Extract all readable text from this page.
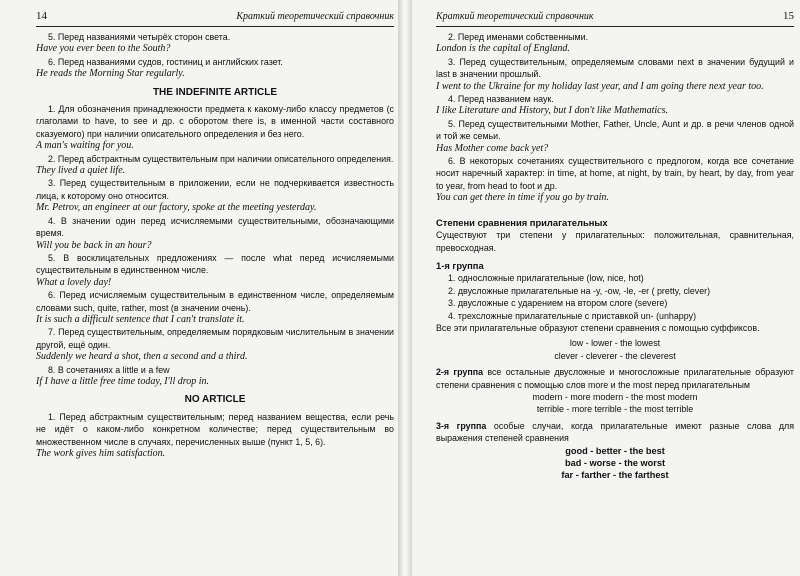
14	Краткий теоретический справочник

5. Перед названиями четырёх сторон света.

Have you ever been to the South?

6. Перед названиями судов, гостиниц и английских газет.

He reads the Morning Star regularly.

THE INDEFINITE ARTICLE

1. Для обозначения принадлежности предмета к какому-либо классу предметов (с глаголами to have, to see и др. с оборотом there is, в именной части составного сказуемого) при наличии описательного определения и без него.

A man's waiting for you.

2. Перед абстрактным существительным при наличии описательного определения.

They lived a quiet life.

3. Перед существительным в приложении, если не подчеркивается известность лица, к которому оно относится.

Mr. Petrov, an engineer at our factory, spoke at the meeting yesterday.

4. В значении один перед исчисляемыми существительными, обозначающими время.

Will you be back in an hour?

5. В восклицательных предложениях — после what перед исчисляемыми существительным в единственном числе.

What a lovely day!

6. Перед исчисляемым существительным в единственном числе, определяемым словами such, quite, rather, most (в значении очень).

It is such a difficult sentence that I can't translate it.

7. Перед существительным, определяемым порядковым числительным в значении другой, ещё один.

Suddenly we heard a shot, then a second and a third.

8. В сочетаниях a little и a few

If I have a little free time today, I'll drop in.

NO ARTICLE

1. Перед абстрактным существительным; перед названием вещества, если речь не идёт о каком-либо конкретном количестве; перед существительным во множественном числе в случаях, перечисленных выше (пункт 1, 5, 6).

The work gives him satisfaction.

Краткий теоретический справочник	15

2. Перед именами собственными.

London is the capital of England.

3. Перед существительным, определяемым словами next в значении будущий и last в значении прошлый.

I went to the Ukraine for my holiday last year, and I am going there next year too.

4. Перед названием наук.

I like Literature and History, but I don't like Mathematics.

5. Перед существительными Mother, Father, Uncle, Aunt и др. в речи членов одной и той же семьи.

Has Mother come back yet?

6. В некоторых сочетаниях существительного с предлогом, когда все сочетание носит наречный характер: in time, at home, at night, by train, by heart, by day, from year to year, from head to foot и др.

You can get there in time if you go by train.

Степени сравнения прилагательных

Существуют три степени у прилагательных: положительная, сравнительная, превосходная.

1-я группа

1. односложные прилагательные (low, nice, hot)

2. двусложные прилагательные на -y, -ow, -le, -er ( pretty, clever)

3. двусложные с ударением на втором слоге (severe)

4. трехсложные прилагательные с приставкой un- (unhappy)

Все эти прилагательные образуют степени сравнения с помощью суффиксов.

low - lower - the lowest

clever - cleverer - the cleverest

2-я группа все остальные двусложные и многосложные прилагательные образуют степени сравнения с помощью слов more и the most перед прилагательным

modern - more modern - the most modern

terrible - more terrible - the most terrible

3-я группа особые случаи, когда прилагательные имеют разные слова для выражения степеней сравнения

good - better - the best

bad - worse - the worst

far - farther - the farthest
